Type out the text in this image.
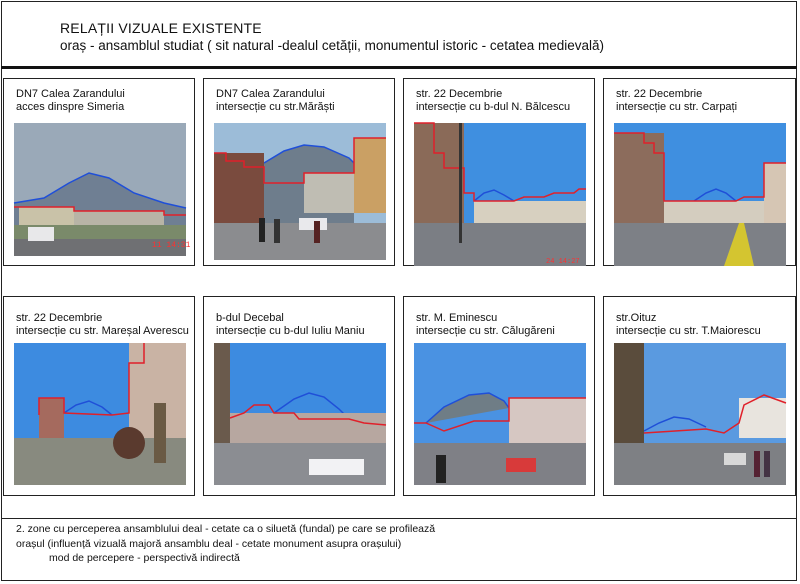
RELAȚII VIZUALE EXISTENTE
oraș - ansamblul studiat ( sit natural -dealul cetății, monumentul istoric - cetatea medievală)
DN7 Calea Zarandului
acces dinspre Simeria
11 14:31
DN7 Calea Zarandului
intersecție cu str.Mărăști
str. 22 Decembrie
intersecție cu b-dul N. Bălcescu
24 14:27
str. 22 Decembrie
intersecție cu str. Carpați
str. 22 Decembrie
intersecție cu str. Mareșal Averescu
b-dul Decebal
intersecție cu b-dul Iuliu Maniu
str. M. Eminescu
intersecție cu str. Călugăreni
str.Oituz
intersecție cu str. T.Maiorescu
2. zone cu perceperea ansamblului deal - cetate ca o siluetă (fundal) pe care se profilează
orașul (influență vizuală majoră ansamblu deal - cetate monument asupra orașului)
mod de percepere - perspectivă indirectă
